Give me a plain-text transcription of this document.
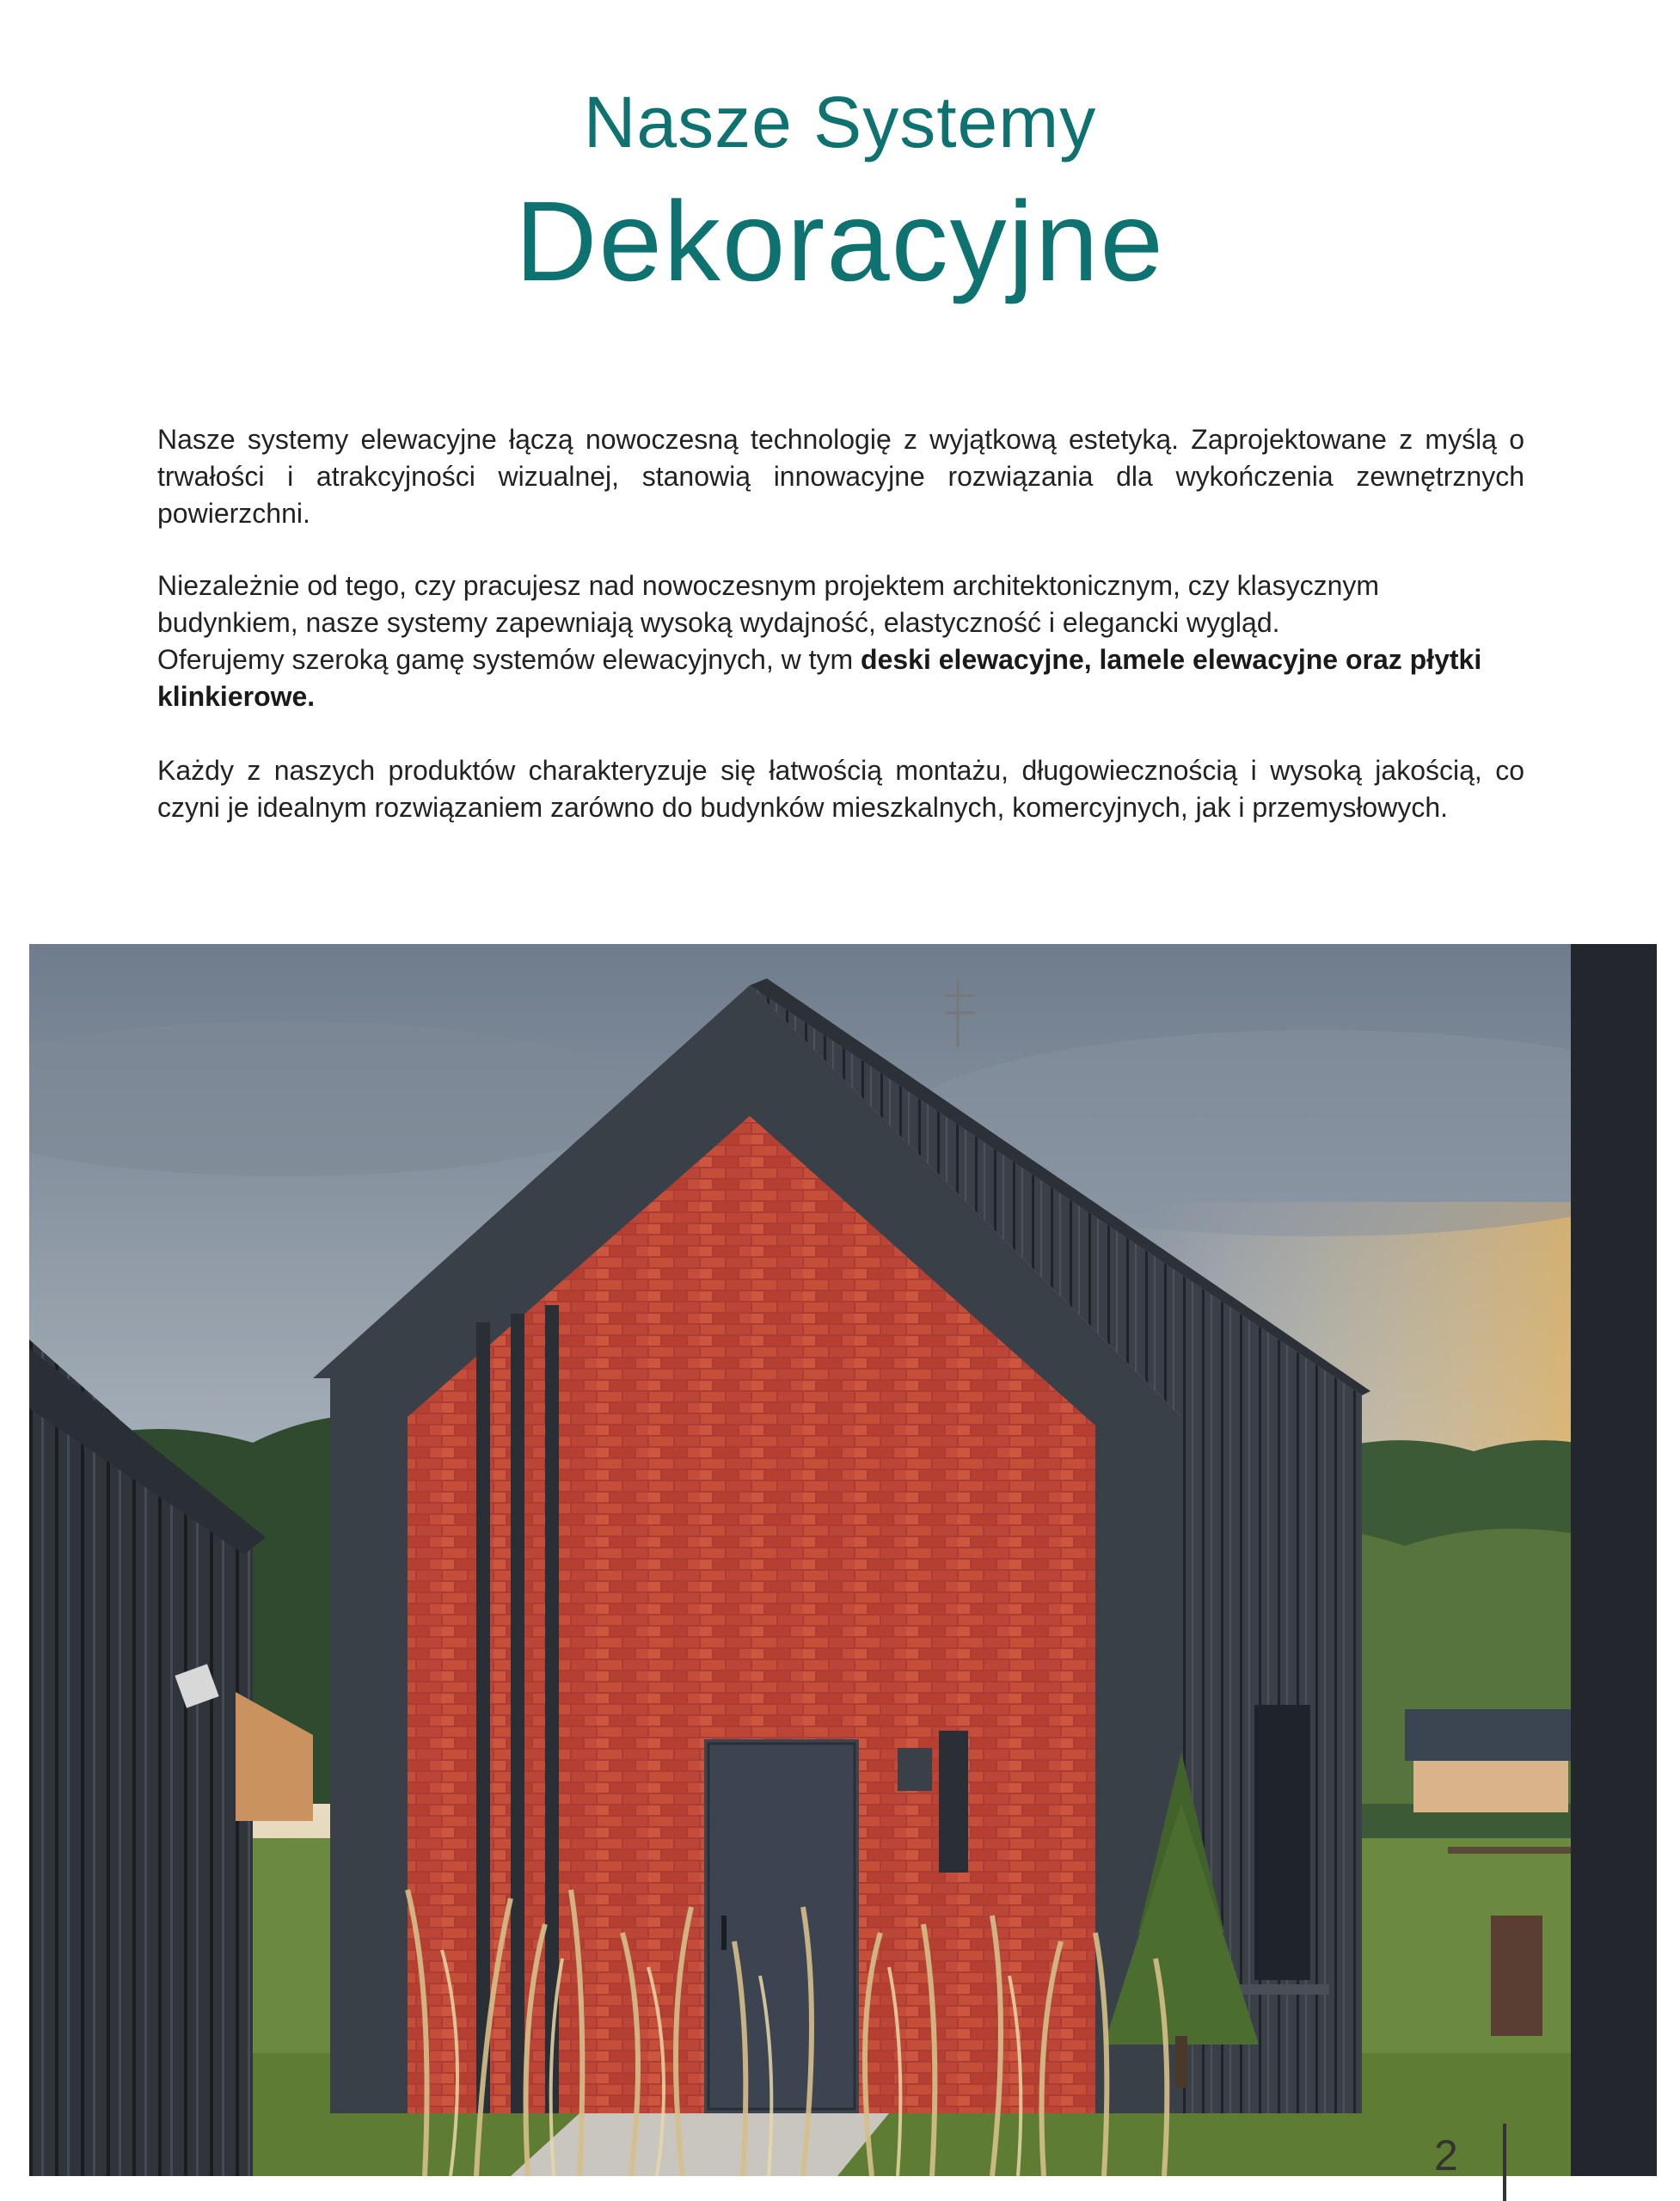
Nasze Systemy
Dekoracyjne

Nasze systemy elewacyjne łączą nowoczesną technologię z wyjątkową estetyką. Zaprojektowane z myślą o trwałości i atrakcyjności wizualnej, stanowią innowacyjne rozwiązania dla wykończenia zewnętrznych powierzchni.

Niezależnie od tego, czy pracujesz nad nowoczesnym projektem architektonicznym, czy klasycznym budynkiem, nasze systemy zapewniają wysoką wydajność, elastyczność i elegancki wygląd.

Oferujemy szeroką gamę systemów elewacyjnych, w tym deski elewacyjne, lamele elewacyjne oraz płytki klinkierowe.

Każdy z naszych produktów charakteryzuje się łatwością montażu, długowiecznością i wysoką jakością, co czyni je idealnym rozwiązaniem zarówno do budynków mieszkalnych, komercyjnych, jak i przemysłowych.

2
